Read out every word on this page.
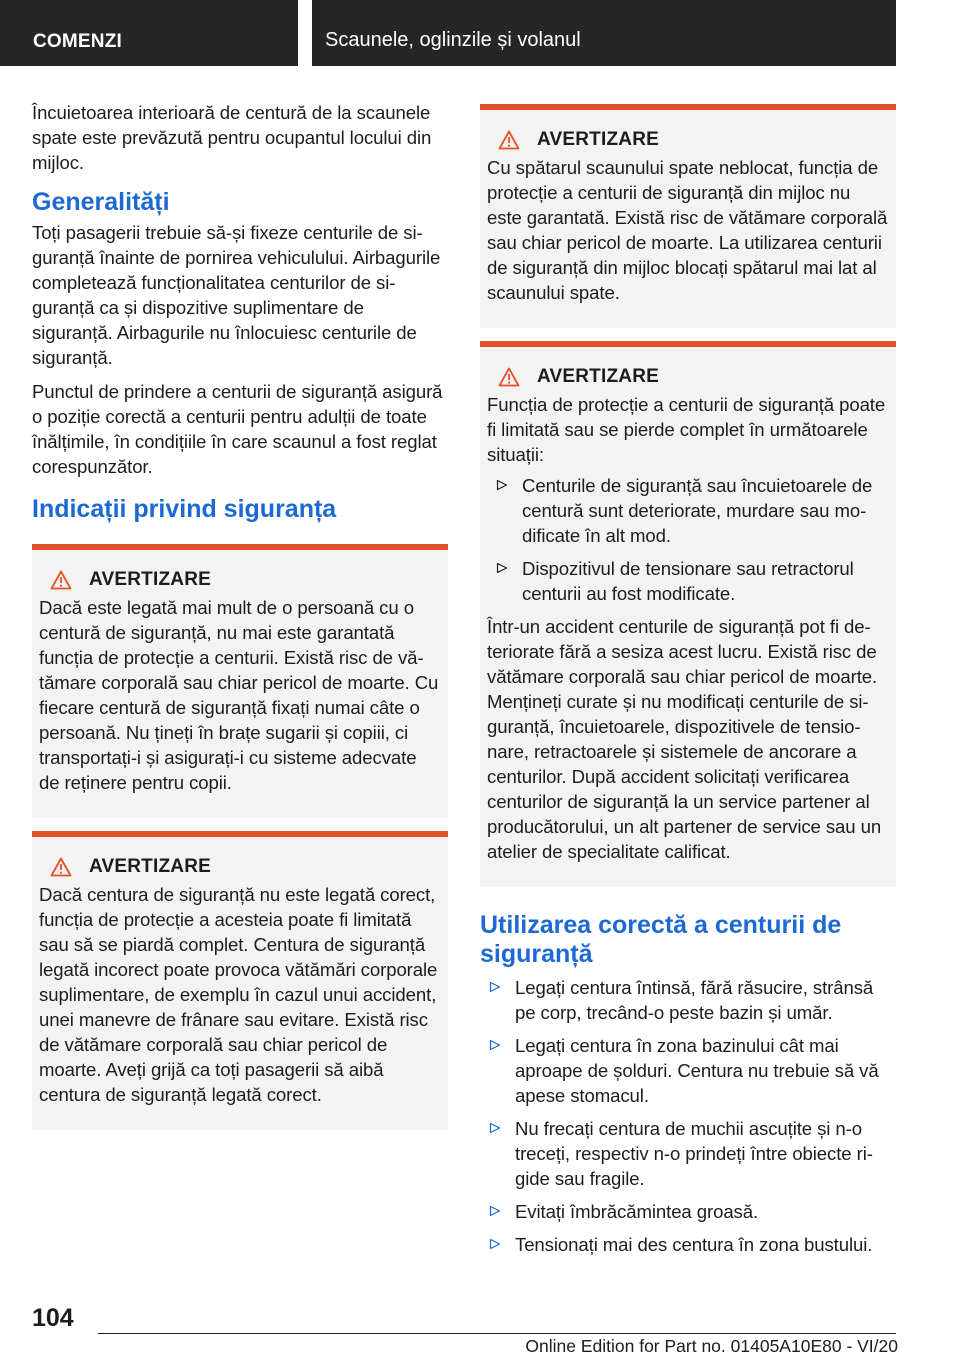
COMENZI	Scaunele, oglinzile și volanul

Încuietoarea interioară de centură de la scaunele spate este prevăzută pentru ocupantul locului din mijloc.

Generalități

Toți pasagerii trebuie să-și fixeze centurile de siguranță înainte de pornirea vehiculului. Airbagurile completează funcționalitatea centurilor de siguranță ca și dispozitive suplimentare de siguranță. Airbagurile nu înlocuiesc centurile de siguranță.

Punctul de prindere a centurii de siguranță asigură o poziție corectă a centurii pentru adulții de toate înălțimile, în condițiile în care scaunul a fost reglat corespunzător.

Indicații privind siguranța
AVERTIZARE

Dacă este legată mai mult de o persoană cu o centură de siguranță, nu mai este garantată funcția de protecție a centurii. Există risc de vătămare corporală sau chiar pericol de moarte. Cu fiecare centură de siguranță fixați numai câte o persoană. Nu țineți în brațe sugarii și copiii, ci transportați-i și asigurați-i cu sisteme adecvate de reținere pentru copii.

AVERTIZARE

Dacă centura de siguranță nu este legată corect, funcția de protecție a acesteia poate fi limitată sau să se piardă complet. Centura de siguranță legată incorect poate provoca vătămări corporale suplimentare, de exemplu în cazul unui accident, unei manevre de frânare sau evitare. Există risc de vătămare corporală sau chiar pericol de moarte. Aveți grijă ca toți pasagerii să aibă centura de siguranță legată corect.

AVERTIZARE

Cu spătarul scaunului spate neblocat, funcția de protecție a centurii de siguranță din mijloc nu este garantată. Există risc de vătămare corporală sau chiar pericol de moarte. La utilizarea centurii de siguranță din mijloc blocați spătarul mai lat al scaunului spate.

AVERTIZARE

Funcția de protecție a centurii de siguranță poate fi limitată sau se pierde complet în următoarele situații:

Centurile de siguranță sau încuietoarele de centură sunt deteriorate, murdare sau modificate în alt mod.
Dispozitivul de tensionare sau retractorul centurii au fost modificate.

Într-un accident centurile de siguranță pot fi deteriorate fără a sesiza acest lucru. Există risc de vătămare corporală sau chiar pericol de moarte. Mențineți curate și nu modificați centurile de siguranță, încuietoarele, dispozitivele de tensionare, retractoarele și sistemele de ancorare a centurilor. După accident solicitați verificarea centurilor de siguranță la un service partener al producătorului, un alt partener de service sau un atelier de specialitate calificat.

Utilizarea corectă a centurii de siguranță
Legați centura întinsă, fără răsucire, strânsă pe corp, trecând-o peste bazin și umăr.
Legați centura în zona bazinului cât mai aproape de șolduri. Centura nu trebuie să vă apese stomacul.
Nu frecați centura de muchii ascuțite și n-o treceți, respectiv n-o prindeți între obiecte rigide sau fragile.
Evitați îmbrăcămintea groasă.
Tensionați mai des centura în zona bustului.
104
Online Edition for Part no. 01405A10E80 - VI/20
